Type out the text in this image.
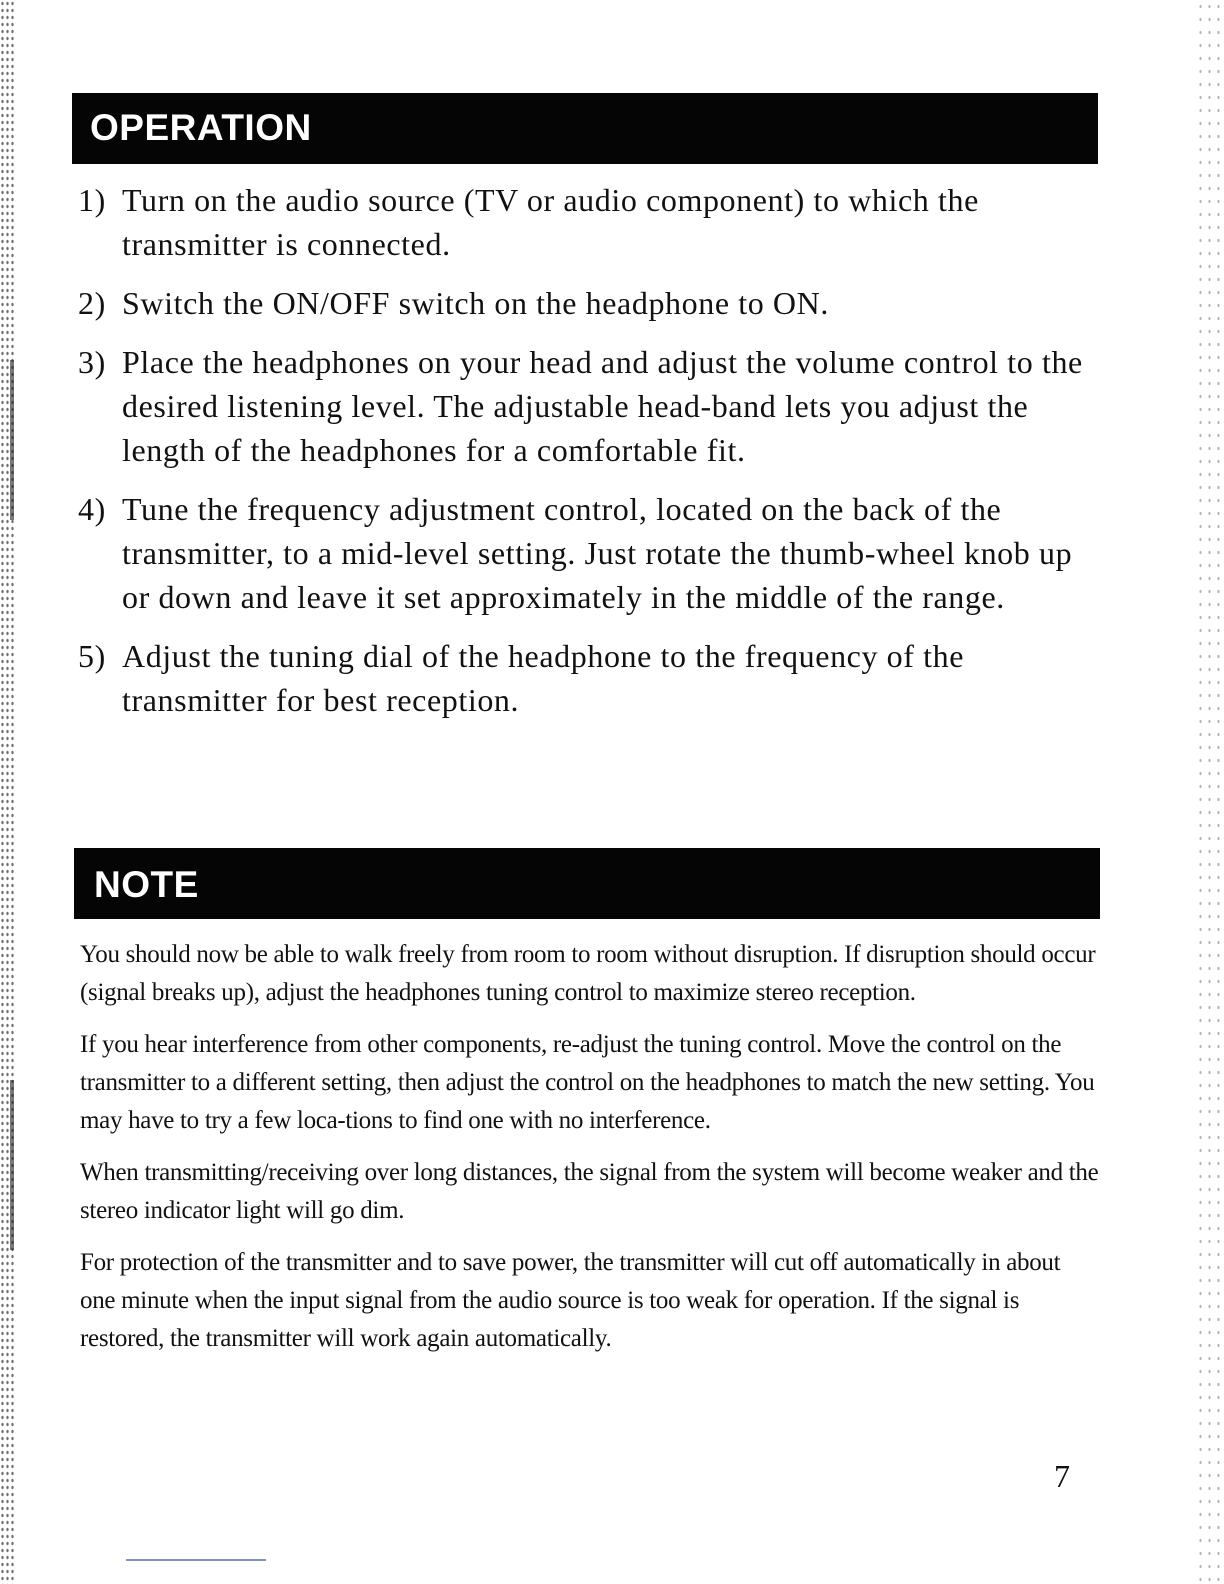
OPERATION
1) Turn on the audio source (TV or audio component) to which the transmitter is connected.
2) Switch the ON/OFF switch on the headphone to ON.
3) Place the headphones on your head and adjust the volume control to the desired listening level. The adjustable head-band lets you adjust the length of the headphones for a comfortable fit.
4) Tune the frequency adjustment control, located on the back of the transmitter, to a mid-level setting. Just rotate the thumb-wheel knob up or down and leave it set approximately in the middle of the range.
5) Adjust the tuning dial of the headphone to the frequency of the transmitter for best reception.
NOTE

You should now be able to walk freely from room to room without disruption. If disruption should occur (signal breaks up), adjust the headphones tuning control to maximize stereo reception.

If you hear interference from other components, re-adjust the tuning control. Move the control on the transmitter to a different setting, then adjust the control on the headphones to match the new setting. You may have to try a few loca-tions to find one with no interference.

When transmitting/receiving over long distances, the signal from the system will become weaker and the stereo indicator light will go dim.

For protection of the transmitter and to save power, the transmitter will cut off automatically in about one minute when the input signal from the audio source is too weak for operation. If the signal is restored, the transmitter will work again automatically.

7
